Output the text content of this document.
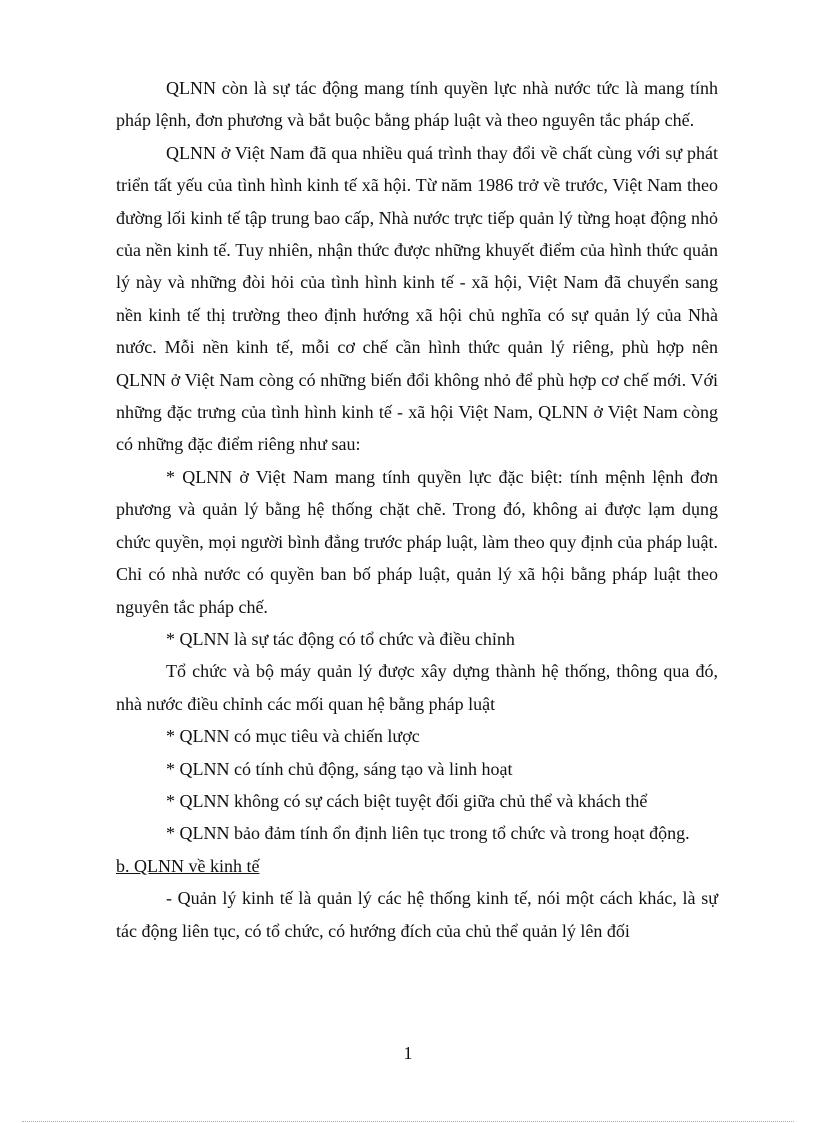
QLNN còn là sự tác động mang tính quyền lực nhà nước tức là mang tính pháp lệnh, đơn phương và bắt buộc bằng pháp luật và theo nguyên tắc pháp chế.

QLNN ở Việt Nam đã qua nhiều quá trình thay đổi về chất cùng với sự phát triển tất yếu của tình hình kinh tế xã hội. Từ năm 1986 trở về trước, Việt Nam theo đường lối kinh tế tập trung bao cấp, Nhà nước trực tiếp quản lý từng hoạt động nhỏ của nền kinh tế. Tuy nhiên, nhận thức được những khuyết điểm của hình thức quản lý này và những đòi hỏi của tình hình kinh tế - xã hội, Việt Nam đã chuyển sang nền kinh tế thị trường theo định hướng xã hội chủ nghĩa có sự quản lý của Nhà nước. Mỗi nền kinh tế, mỗi cơ chế cần hình thức quản lý riêng, phù hợp nên QLNN ở Việt Nam còng có những biến đổi không nhỏ để phù hợp cơ chế mới. Với những đặc trưng của tình hình kinh tế - xã hội Việt Nam, QLNN ở Việt Nam còng có những đặc điểm riêng như sau:

* QLNN ở Việt Nam mang tính quyền lực đặc biệt: tính mệnh lệnh đơn phương và quản lý bằng hệ thống chặt chẽ. Trong đó, không ai được lạm dụng chức quyền, mọi người bình đẳng trước pháp luật, làm theo quy định của pháp luật. Chỉ có nhà nước có quyền ban bố pháp luật, quản lý xã hội bằng pháp luật theo nguyên tắc pháp chế.

* QLNN là sự tác động có tổ chức và điều chỉnh

Tổ chức và bộ máy quản lý được xây dựng thành hệ thống, thông qua đó, nhà nước điều chỉnh các mối quan hệ bằng pháp luật

* QLNN có mục tiêu và chiến lược

* QLNN có tính chủ động, sáng tạo và linh hoạt

* QLNN không có sự cách biệt tuyệt đối giữa chủ thể và khách thể

* QLNN bảo đảm tính ổn định liên tục trong tổ chức và trong hoạt động.

b. QLNN về kinh tế

- Quản lý kinh tế là quản lý các hệ thống kinh tế, nói một cách khác, là sự tác động liên tục, có tổ chức, có hướng đích của chủ thể quản lý lên đối

1
